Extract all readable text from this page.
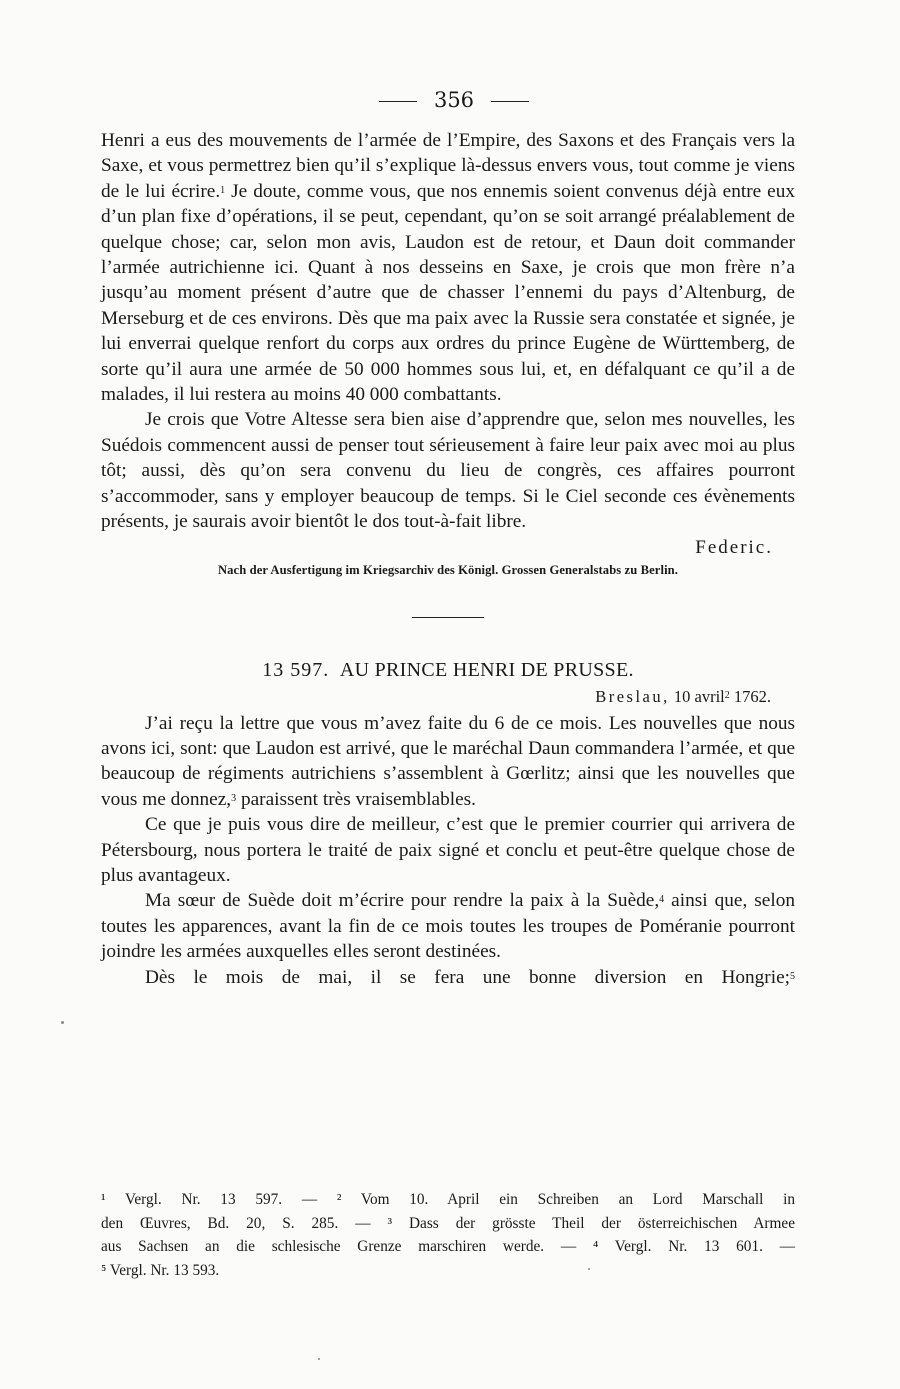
356

Henri a eus des mouvements de l’armée de l’Empire, des Saxons et des Français vers la Saxe, et vous permettrez bien qu’il s’explique là-dessus envers vous, tout comme je viens de le lui écrire.$^1$ Je doute, comme vous, que nos ennemis soient convenus déjà entre eux d’un plan fixe d’opérations, il se peut, cependant, qu’on se soit arrangé préalablement de quelque chose; car, selon mon avis, Laudon est de retour, et Daun doit commander l’armée autrichienne ici. Quant à nos desseins en Saxe, je crois que mon frère n’a jusqu’au moment présent d’autre que de chasser l’ennemi du pays d’Altenburg, de Merseburg et de ces environs. Dès que ma paix avec la Russie sera constatée et signée, je lui enverrai quelque renfort du corps aux ordres du prince Eugène de Württemberg, de sorte qu’il aura une armée de 50 000 hommes sous lui, et, en défalquant ce qu’il a de malades, il lui restera au moins 40 000 combattants.

Je crois que Votre Altesse sera bien aise d’apprendre que, selon mes nouvelles, les Suédois commencent aussi de penser tout sérieusement à faire leur paix avec moi au plus tôt; aussi, dès qu’on sera convenu du lieu de congrès, ces affaires pourront s’accommoder, sans y employer beaucoup de temps. Si le Ciel seconde ces évènements présents, je saurais avoir bientôt le dos tout-à-fait libre.

Federic.
Nach der Ausfertigung im Kriegsarchiv des Königl. Grossen Generalstabs zu Berlin.
13 597. AU PRINCE HENRI DE PRUSSE.
Breslau, 10 avril$^2$ 1762.

J’ai reçu la lettre que vous m’avez faite du 6 de ce mois. Les nouvelles que nous avons ici, sont: que Laudon est arrivé, que le maréchal Daun commandera l’armée, et que beaucoup de régiments autrichiens s’assemblent à Gœrlitz; ainsi que les nouvelles que vous me donnez,$^3$ paraissent très vraisemblables.

Ce que je puis vous dire de meilleur, c’est que le premier courrier qui arrivera de Pétersbourg, nous portera le traité de paix signé et conclu et peut-être quelque chose de plus avantageux.

Ma sœur de Suède doit m’écrire pour rendre la paix à la Suède,$^4$ ainsi que, selon toutes les apparences, avant la fin de ce mois toutes les troupes de Poméranie pourront joindre les armées auxquelles elles seront destinées.

Dès le mois de mai, il se fera une bonne diversion en Hongrie;$^5$

¹ Vergl. Nr. 13 597. — ² Vom 10. April ein Schreiben an Lord Marschall in
den Œuvres, Bd. 20, S. 285. — ³ Dass der grösste Theil der österreichischen Armee
aus Sachsen an die schlesische Grenze marschiren werde. — ⁴ Vergl. Nr. 13 601. —
⁵ Vergl. Nr. 13 593.
